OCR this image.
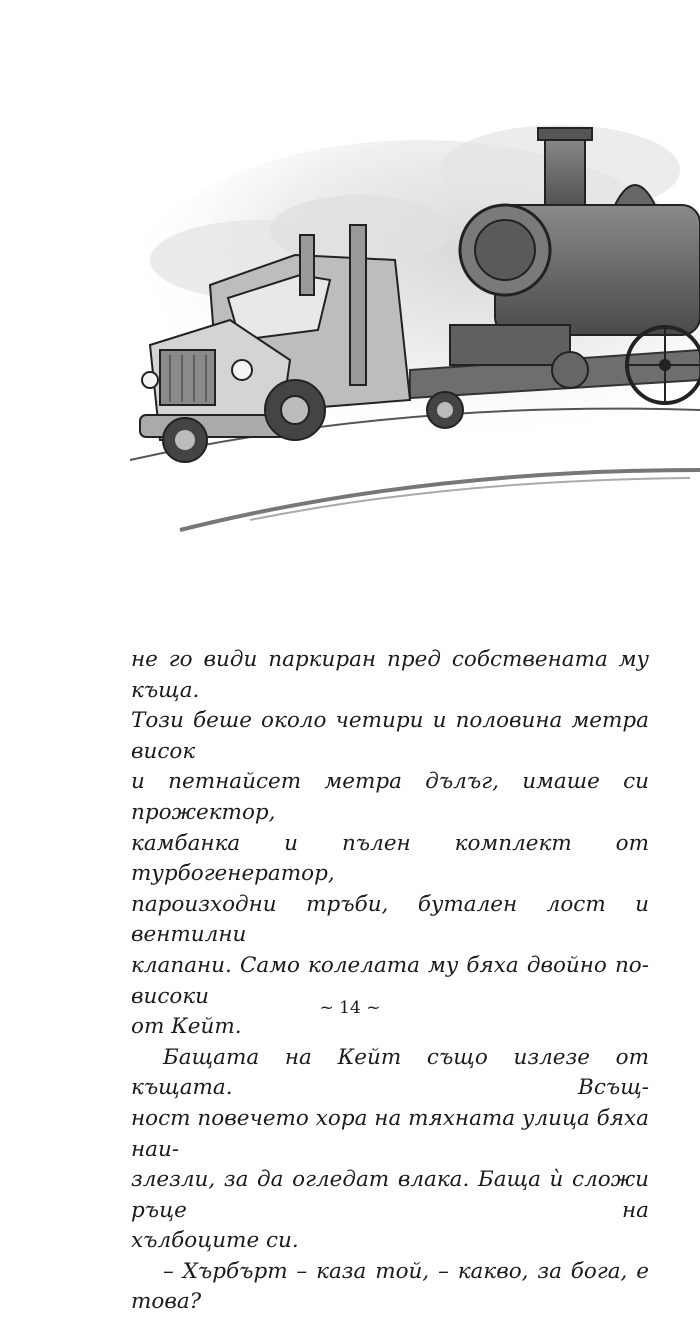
не го види паркиран пред собствената му къща.

Този беше около четири и половина метра висок

и петнайсет метра дълъг, имаше си прожектор,

камбанка и пълен комплект от турбогенератор,

пароизходни тръби, бутален лост и вентилни

клапани. Само колелата му бяха двойно по-високи

от Кейт.

Бащата на Кейт също излезе от къщата. Всъщ-

ност повечето хора на тяхната улица бяха наи-

злезли, за да огледат влака. Баща ѝ сложи ръце на

хълбоците си.

– Хърбърт – каза той, – какво, за бога, е това?

~ 14 ~
